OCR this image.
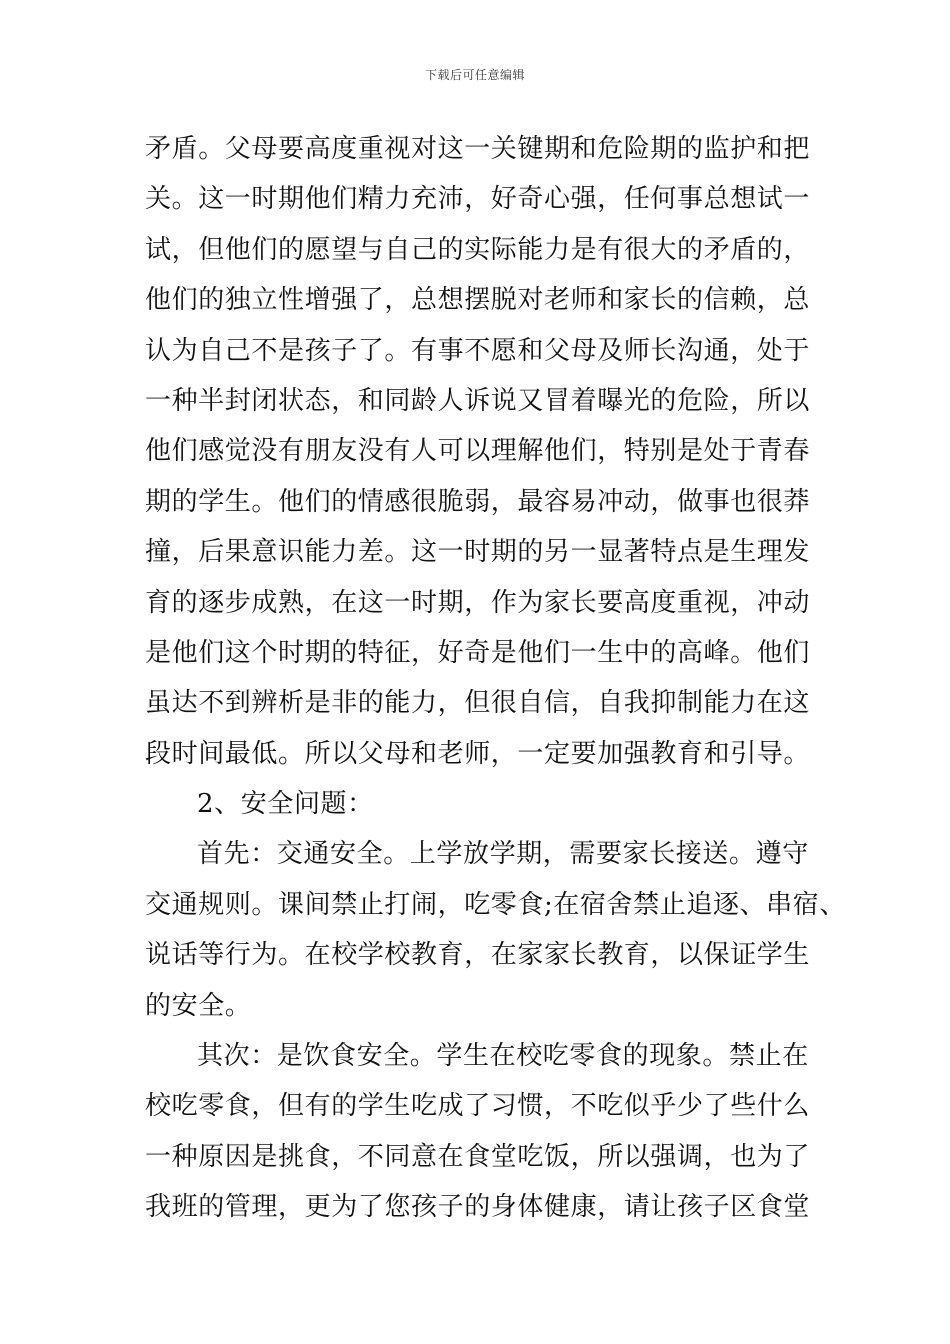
下载后可任意编辑
矛盾。父母要高度重视对这一关键期和危险期的监护和把
关。这一时期他们精力充沛，好奇心强，任何事总想试一
试，但他们的愿望与自己的实际能力是有很大的矛盾的，
他们的独立性增强了，总想摆脱对老师和家长的信赖，总
认为自己不是孩子了。有事不愿和父母及师长沟通，处于
一种半封闭状态，和同龄人诉说又冒着曝光的危险，所以
他们感觉没有朋友没有人可以理解他们，特别是处于青春
期的学生。他们的情感很脆弱，最容易冲动，做事也很莽
撞，后果意识能力差。这一时期的另一显著特点是生理发
育的逐步成熟，在这一时期，作为家长要高度重视，冲动
是他们这个时期的特征，好奇是他们一生中的高峰。他们
虽达不到辨析是非的能力，但很自信，自我抑制能力在这
段时间最低。所以父母和老师，一定要加强教育和引导。
2、安全问题：
首先：交通安全。上学放学期，需要家长接送。遵守
交通规则。课间禁止打闹，吃零食;在宿舍禁止追逐、串宿、
说话等行为。在校学校教育，在家家长教育，以保证学生
的安全。
其次：是饮食安全。学生在校吃零食的现象。禁止在
校吃零食，但有的学生吃成了习惯，不吃似乎少了些什么
一种原因是挑食，不同意在食堂吃饭，所以强调，也为了
我班的管理，更为了您孩子的身体健康，请让孩子区食堂
